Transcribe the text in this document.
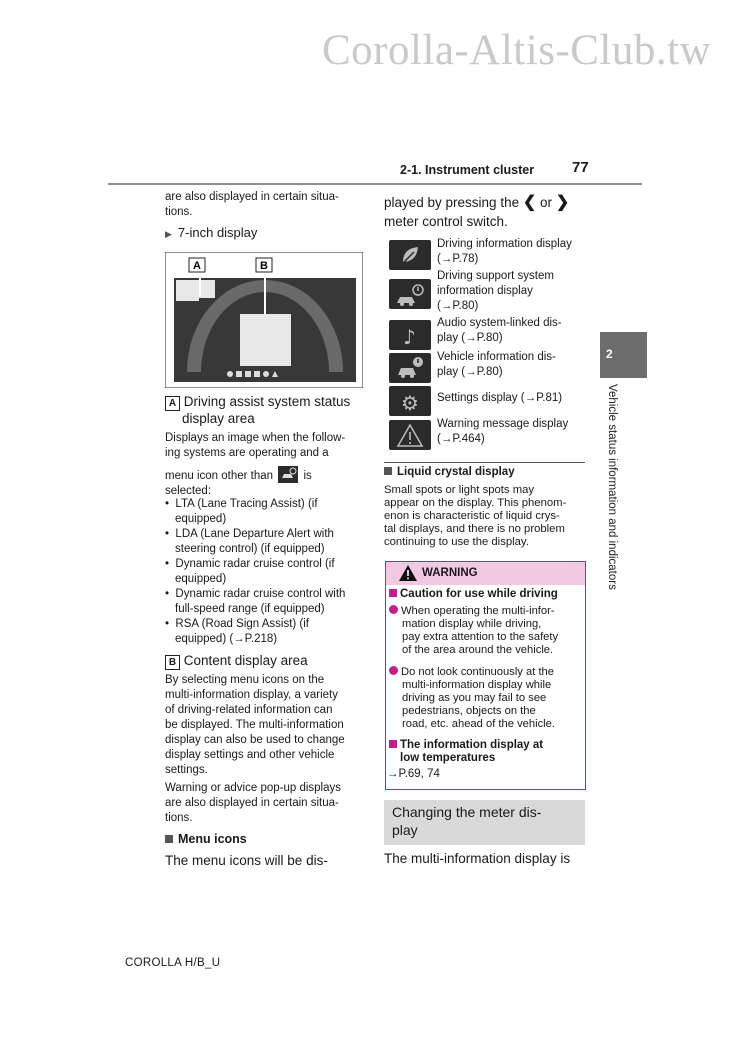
Corolla-Altis-Club.tw
2-1. Instrument cluster	77
2
Vehicle status information and indicators

are also displayed in certain situa-

tions.

▶ 7-inch display
A	B
A Driving assist system status
display area

Displays an image when the follow-

ing systems are operating and a

menu icon other than	is

selected:

•  LTA (Lane Tracing Assist) (if
equipped)
•  LDA (Lane Departure Alert with
steering control) (if equipped)
•  Dynamic radar cruise control (if
equipped)
•  Dynamic radar cruise control with
full-speed range (if equipped)
•  RSA (Road Sign Assist) (if
equipped) (→P.218)
B Content display area

By selecting menu icons on the

multi-information display, a variety

of driving-related information can

be displayed. The multi-information

display can also be used to change

display settings and other vehicle

settings.

Warning or advice pop-up displays

are also displayed in certain situa-

tions.

Menu icons
The menu icons will be dis-
played by pressing the ❮ or ❯
meter control switch.
Driving information display
(→P.78)
Driving support system
information display
(→P.80)
♪
Audio system-linked dis-
play (→P.80)
Vehicle information dis-
play (→P.80)
⚙ Settings display (→P.81)
Warning message display
(→P.464)
Liquid crystal display

Small spots or light spots may

appear on the display. This phenom-

enon is characteristic of liquid crys-

tal displays, and there is no problem

continuing to use the display.

WARNING
Caution for use while driving
When operating the multi-infor-
mation display while driving,
pay extra attention to the safety
of the area around the vehicle.
Do not look continuously at the
multi-information display while
driving as you may fail to see
pedestrians, objects on the
road, etc. ahead of the vehicle.
The information display at
low temperatures
→P.69, 74
Changing the meter dis-
play
The multi-information display is
COROLLA H/B_U
